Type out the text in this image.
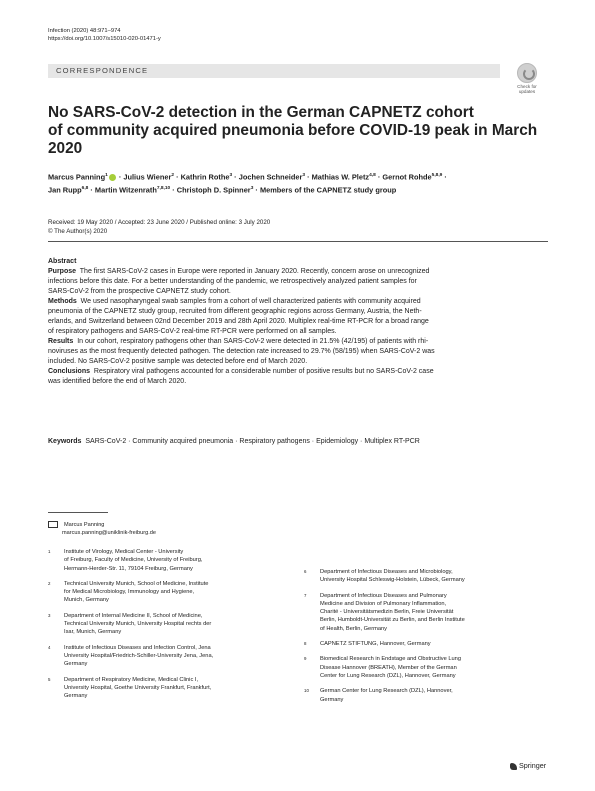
Infection (2020) 48:971–974
https://doi.org/10.1007/s15010-020-01471-y
CORRESPONDENCE
Check for
updates
No SARS-CoV-2 detection in the German CAPNETZ cohort
of community acquired pneumonia before COVID-19 peak in March
2020
Marcus Panning$^1$ · Julius Wiener$^2$ · Kathrin Rothe$^3$ · Jochen Schneider$^3$ · Mathias W. Pletz$^{4,8}$ · Gernot Rohde$^{5,8,9}$ ·
Jan Rupp$^{6,8}$ · Martin Witzenrath$^{7,8,10}$ · Christoph D. Spinner$^3$ · Members of the CAPNETZ study group
Received: 19 May 2020 / Accepted: 23 June 2020 / Published online: 3 July 2020
© The Author(s) 2020

Abstract

Purpose The first SARS-CoV-2 cases in Europe were reported in January 2020. Recently, concern arose on unrecognized
infections before this date. For a better understanding of the pandemic, we retrospectively analyzed patient samples for
SARS-CoV-2 from the prospective CAPNETZ study cohort.

Methods We used nasopharyngeal swab samples from a cohort of well characterized patients with community acquired
pneumonia of the CAPNETZ study group, recruited from different geographic regions across Germany, Austria, the Neth-
erlands, and Switzerland between 02nd December 2019 and 28th April 2020. Multiplex real-time RT-PCR for a broad range
of respiratory pathogens and SARS-CoV-2 real-time RT-PCR were performed on all samples.

Results In our cohort, respiratory pathogens other than SARS-CoV-2 were detected in 21.5% (42/195) of patients with rhi-
noviruses as the most frequently detected pathogen. The detection rate increased to 29.7% (58/195) when SARS-CoV-2 was
included. No SARS-CoV-2 positive sample was detected before end of March 2020.

Conclusions Respiratory viral pathogens accounted for a considerable number of positive results but no SARS-CoV-2 case
was identified before the end of March 2020.

Keywords SARS-CoV-2 · Community acquired pneumonia · Respiratory pathogens · Epidemiology · Multiplex RT-PCR
Marcus Panning
marcus.panning@uniklinik-freiburg.de
1 Institute of Virology, Medical Center - University
of Freiburg, Faculty of Medicine, University of Freiburg,
Hermann-Herder-Str. 11, 79104 Freiburg, Germany
2 Technical University Munich, School of Medicine, Institute
for Medical Microbiology, Immunology and Hygiene,
Munich, Germany
3 Department of Internal Medicine II, School of Medicine,
Technical University Munich, University Hospital rechts der
Isar, Munich, Germany
4 Institute of Infectious Diseases and Infection Control, Jena
University Hospital/Friedrich-Schiller-University Jena, Jena,
Germany
5 Department of Respiratory Medicine, Medical Clinic I,
University Hospital, Goethe University Frankfurt, Frankfurt,
Germany
6 Department of Infectious Diseases and Microbiology,
University Hospital Schleswig-Holstein, Lübeck, Germany
7 Department of Infectious Diseases and Pulmonary
Medicine and Division of Pulmonary Inflammation,
Charité - Universitätsmedizin Berlin, Freie Universität
Berlin, Humboldt-Universität zu Berlin, and Berlin Institute
of Health, Berlin, Germany
8 CAPNETZ STIFTUNG, Hannover, Germany
9 Biomedical Research in Endstage and Obstructive Lung
Disease Hannover (BREATH), Member of the German
Center for Lung Research (DZL), Hannover, Germany
10 German Center for Lung Research (DZL), Hannover,
Germany
Springer
